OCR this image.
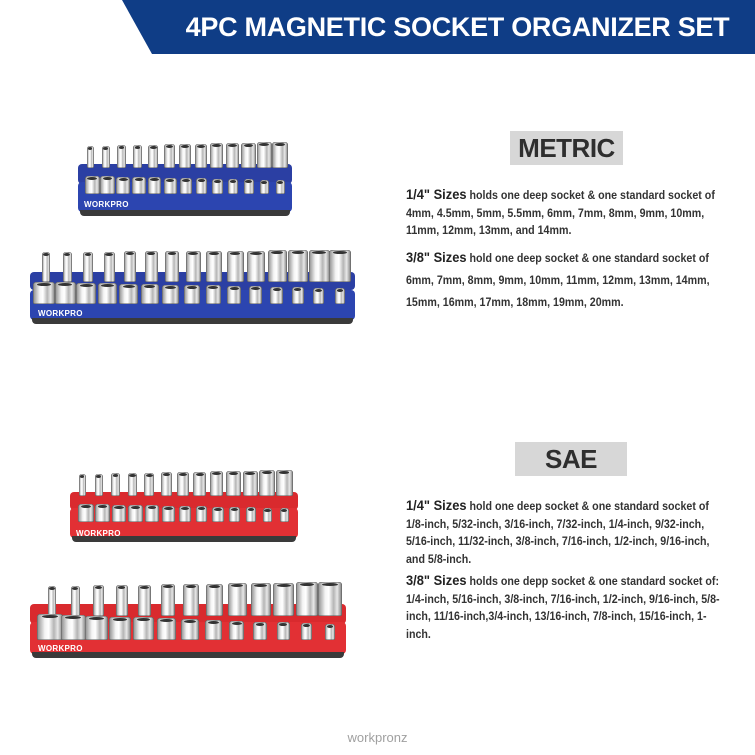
4PC MAGNETIC SOCKET ORGANIZER SET
WORKPRO
WORKPRO
WORKPRO
WORKPRO
METRIC
SAE

1/4" Sizes holds one deep socket & one standard socket of 4mm, 4.5mm, 5mm, 5.5mm, 6mm, 7mm, 8mm, 9mm, 10mm, 11mm, 12mm, 13mm, and 14mm.

3/8" Sizes hold one deep socket & one standard socket of 6mm, 7mm, 8mm, 9mm, 10mm, 11mm, 12mm, 13mm, 14mm, 15mm, 16mm, 17mm, 18mm, 19mm, 20mm.

1/4" Sizes hold one deep socket & one standard socket of 1/8-inch, 5/32-inch, 3/16-inch, 7/32-inch, 1/4-inch, 9/32-inch, 5/16-inch, 11/32-inch, 3/8-inch, 7/16-inch, 1/2-inch, 9/16-inch, and 5/8-inch.

3/8" Sizes holds one depp socket & one standard socket of: 1/4-inch, 5/16-inch, 3/8-inch, 7/16-inch, 1/2-inch, 9/16-inch, 5/8-inch, 11/16-inch,3/4-inch, 13/16-inch, 7/8-inch, 15/16-inch, 1-inch.

workpronz
